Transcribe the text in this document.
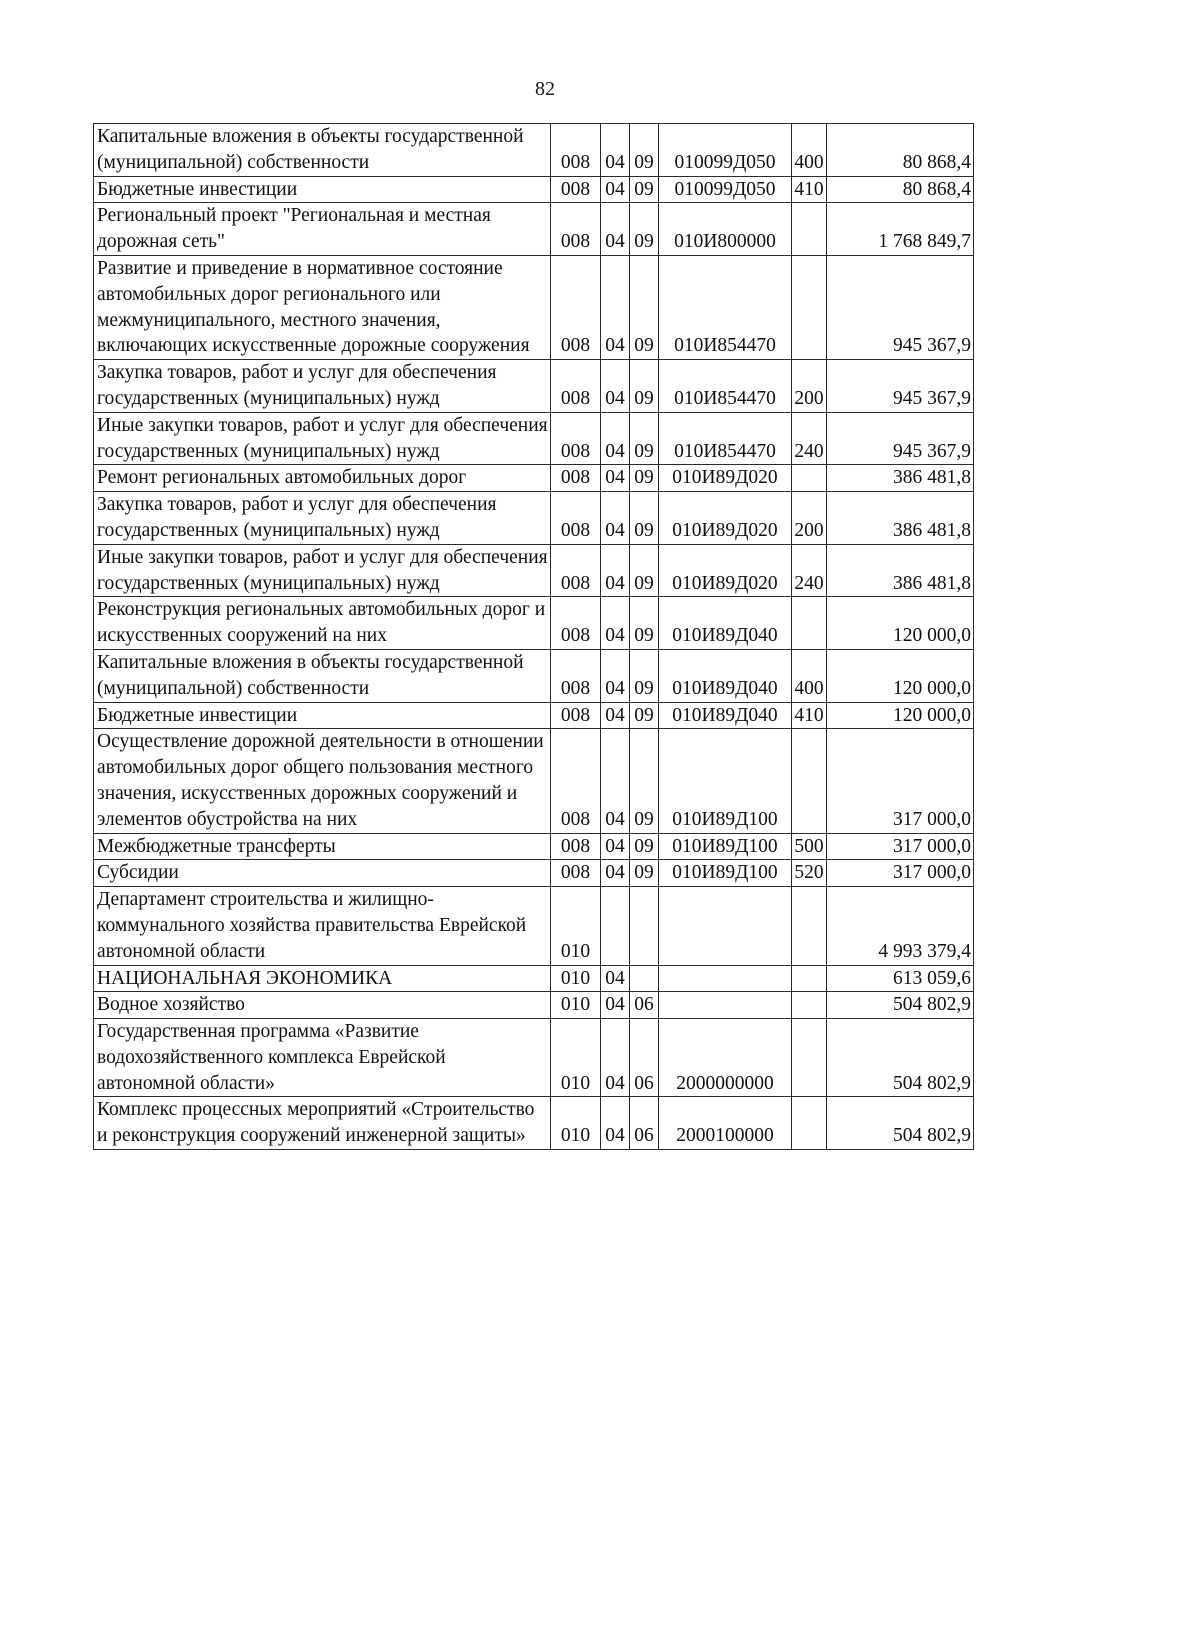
82
Капитальные вложения в объекты государственной (муниципальной) собственности	008	04	09	010099Д050	400	80 868,4
Бюджетные инвестиции	008	04	09	010099Д050	410	80 868,4
Региональный проект "Региональная и местная дорожная сеть"	008	04	09	010И800000		1 768 849,7
Развитие и приведение в нормативное состояние автомобильных дорог регионального или межмуниципального, местного значения, включающих искусственные дорожные сооружения	008	04	09	010И854470		945 367,9
Закупка товаров, работ и услуг для обеспечения государственных (муниципальных) нужд	008	04	09	010И854470	200	945 367,9
Иные закупки товаров, работ и услуг для обеспечения государственных (муниципальных) нужд	008	04	09	010И854470	240	945 367,9
Ремонт региональных автомобильных дорог	008	04	09	010И89Д020		386 481,8
Закупка товаров, работ и услуг для обеспечения государственных (муниципальных) нужд	008	04	09	010И89Д020	200	386 481,8
Иные закупки товаров, работ и услуг для обеспечения государственных (муниципальных) нужд	008	04	09	010И89Д020	240	386 481,8
Реконструкция региональных автомобильных дорог и искусственных сооружений на них	008	04	09	010И89Д040		120 000,0
Капитальные вложения в объекты государственной (муниципальной) собственности	008	04	09	010И89Д040	400	120 000,0
Бюджетные инвестиции	008	04	09	010И89Д040	410	120 000,0
Осуществление дорожной деятельности в отношении автомобильных дорог общего пользования местного значения, искусственных дорожных сооружений и элементов обустройства на них	008	04	09	010И89Д100		317 000,0
Межбюджетные трансферты	008	04	09	010И89Д100	500	317 000,0
Субсидии	008	04	09	010И89Д100	520	317 000,0
Департамент строительства и жилищно-коммунального хозяйства правительства Еврейской автономной области	010					4 993 379,4
НАЦИОНАЛЬНАЯ ЭКОНОМИКА	010	04				613 059,6
Водное хозяйство	010	04	06			504 802,9
Государственная программа «Развитие водохозяйственного комплекса Еврейской автономной области»	010	04	06	2000000000		504 802,9
Комплекс процессных мероприятий «Строительство и реконструкция сооружений инженерной защиты»	010	04	06	2000100000		504 802,9
